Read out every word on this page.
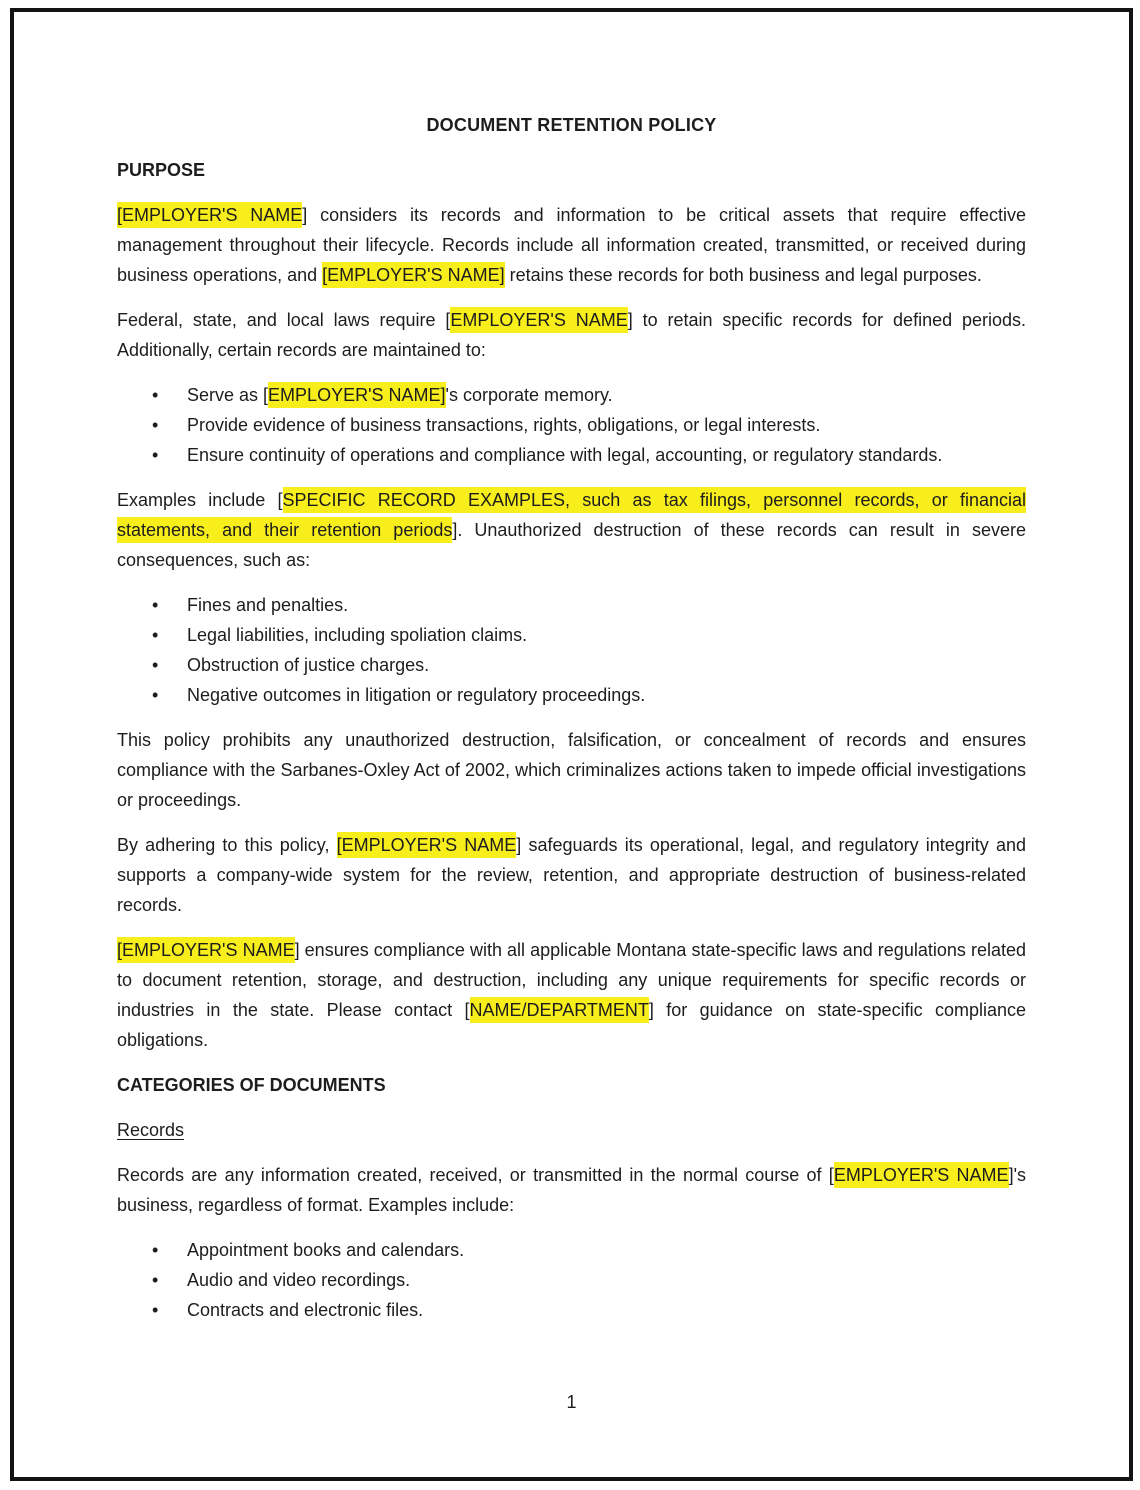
DOCUMENT RETENTION POLICY
PURPOSE
[EMPLOYER'S NAME] considers its records and information to be critical assets that require effective management throughout their lifecycle. Records include all information created, transmitted, or received during business operations, and [EMPLOYER'S NAME] retains these records for both business and legal purposes.
Federal, state, and local laws require [EMPLOYER'S NAME] to retain specific records for defined periods. Additionally, certain records are maintained to:
• Serve as [EMPLOYER'S NAME]'s corporate memory.
• Provide evidence of business transactions, rights, obligations, or legal interests.
• Ensure continuity of operations and compliance with legal, accounting, or regulatory standards.
Examples include [SPECIFIC RECORD EXAMPLES, such as tax filings, personnel records, or financial statements, and their retention periods]. Unauthorized destruction of these records can result in severe consequences, such as:
• Fines and penalties.
• Legal liabilities, including spoliation claims.
• Obstruction of justice charges.
• Negative outcomes in litigation or regulatory proceedings.
This policy prohibits any unauthorized destruction, falsification, or concealment of records and ensures compliance with the Sarbanes-Oxley Act of 2002, which criminalizes actions taken to impede official investigations or proceedings.
By adhering to this policy, [EMPLOYER'S NAME] safeguards its operational, legal, and regulatory integrity and supports a company-wide system for the review, retention, and appropriate destruction of business-related records.
[EMPLOYER'S NAME] ensures compliance with all applicable Montana state-specific laws and regulations related to document retention, storage, and destruction, including any unique requirements for specific records or industries in the state. Please contact [NAME/DEPARTMENT] for guidance on state-specific compliance obligations.
CATEGORIES OF DOCUMENTS
Records
Records are any information created, received, or transmitted in the normal course of [EMPLOYER'S NAME]'s business, regardless of format. Examples include:
• Appointment books and calendars.
• Audio and video recordings.
• Contracts and electronic files.
1
